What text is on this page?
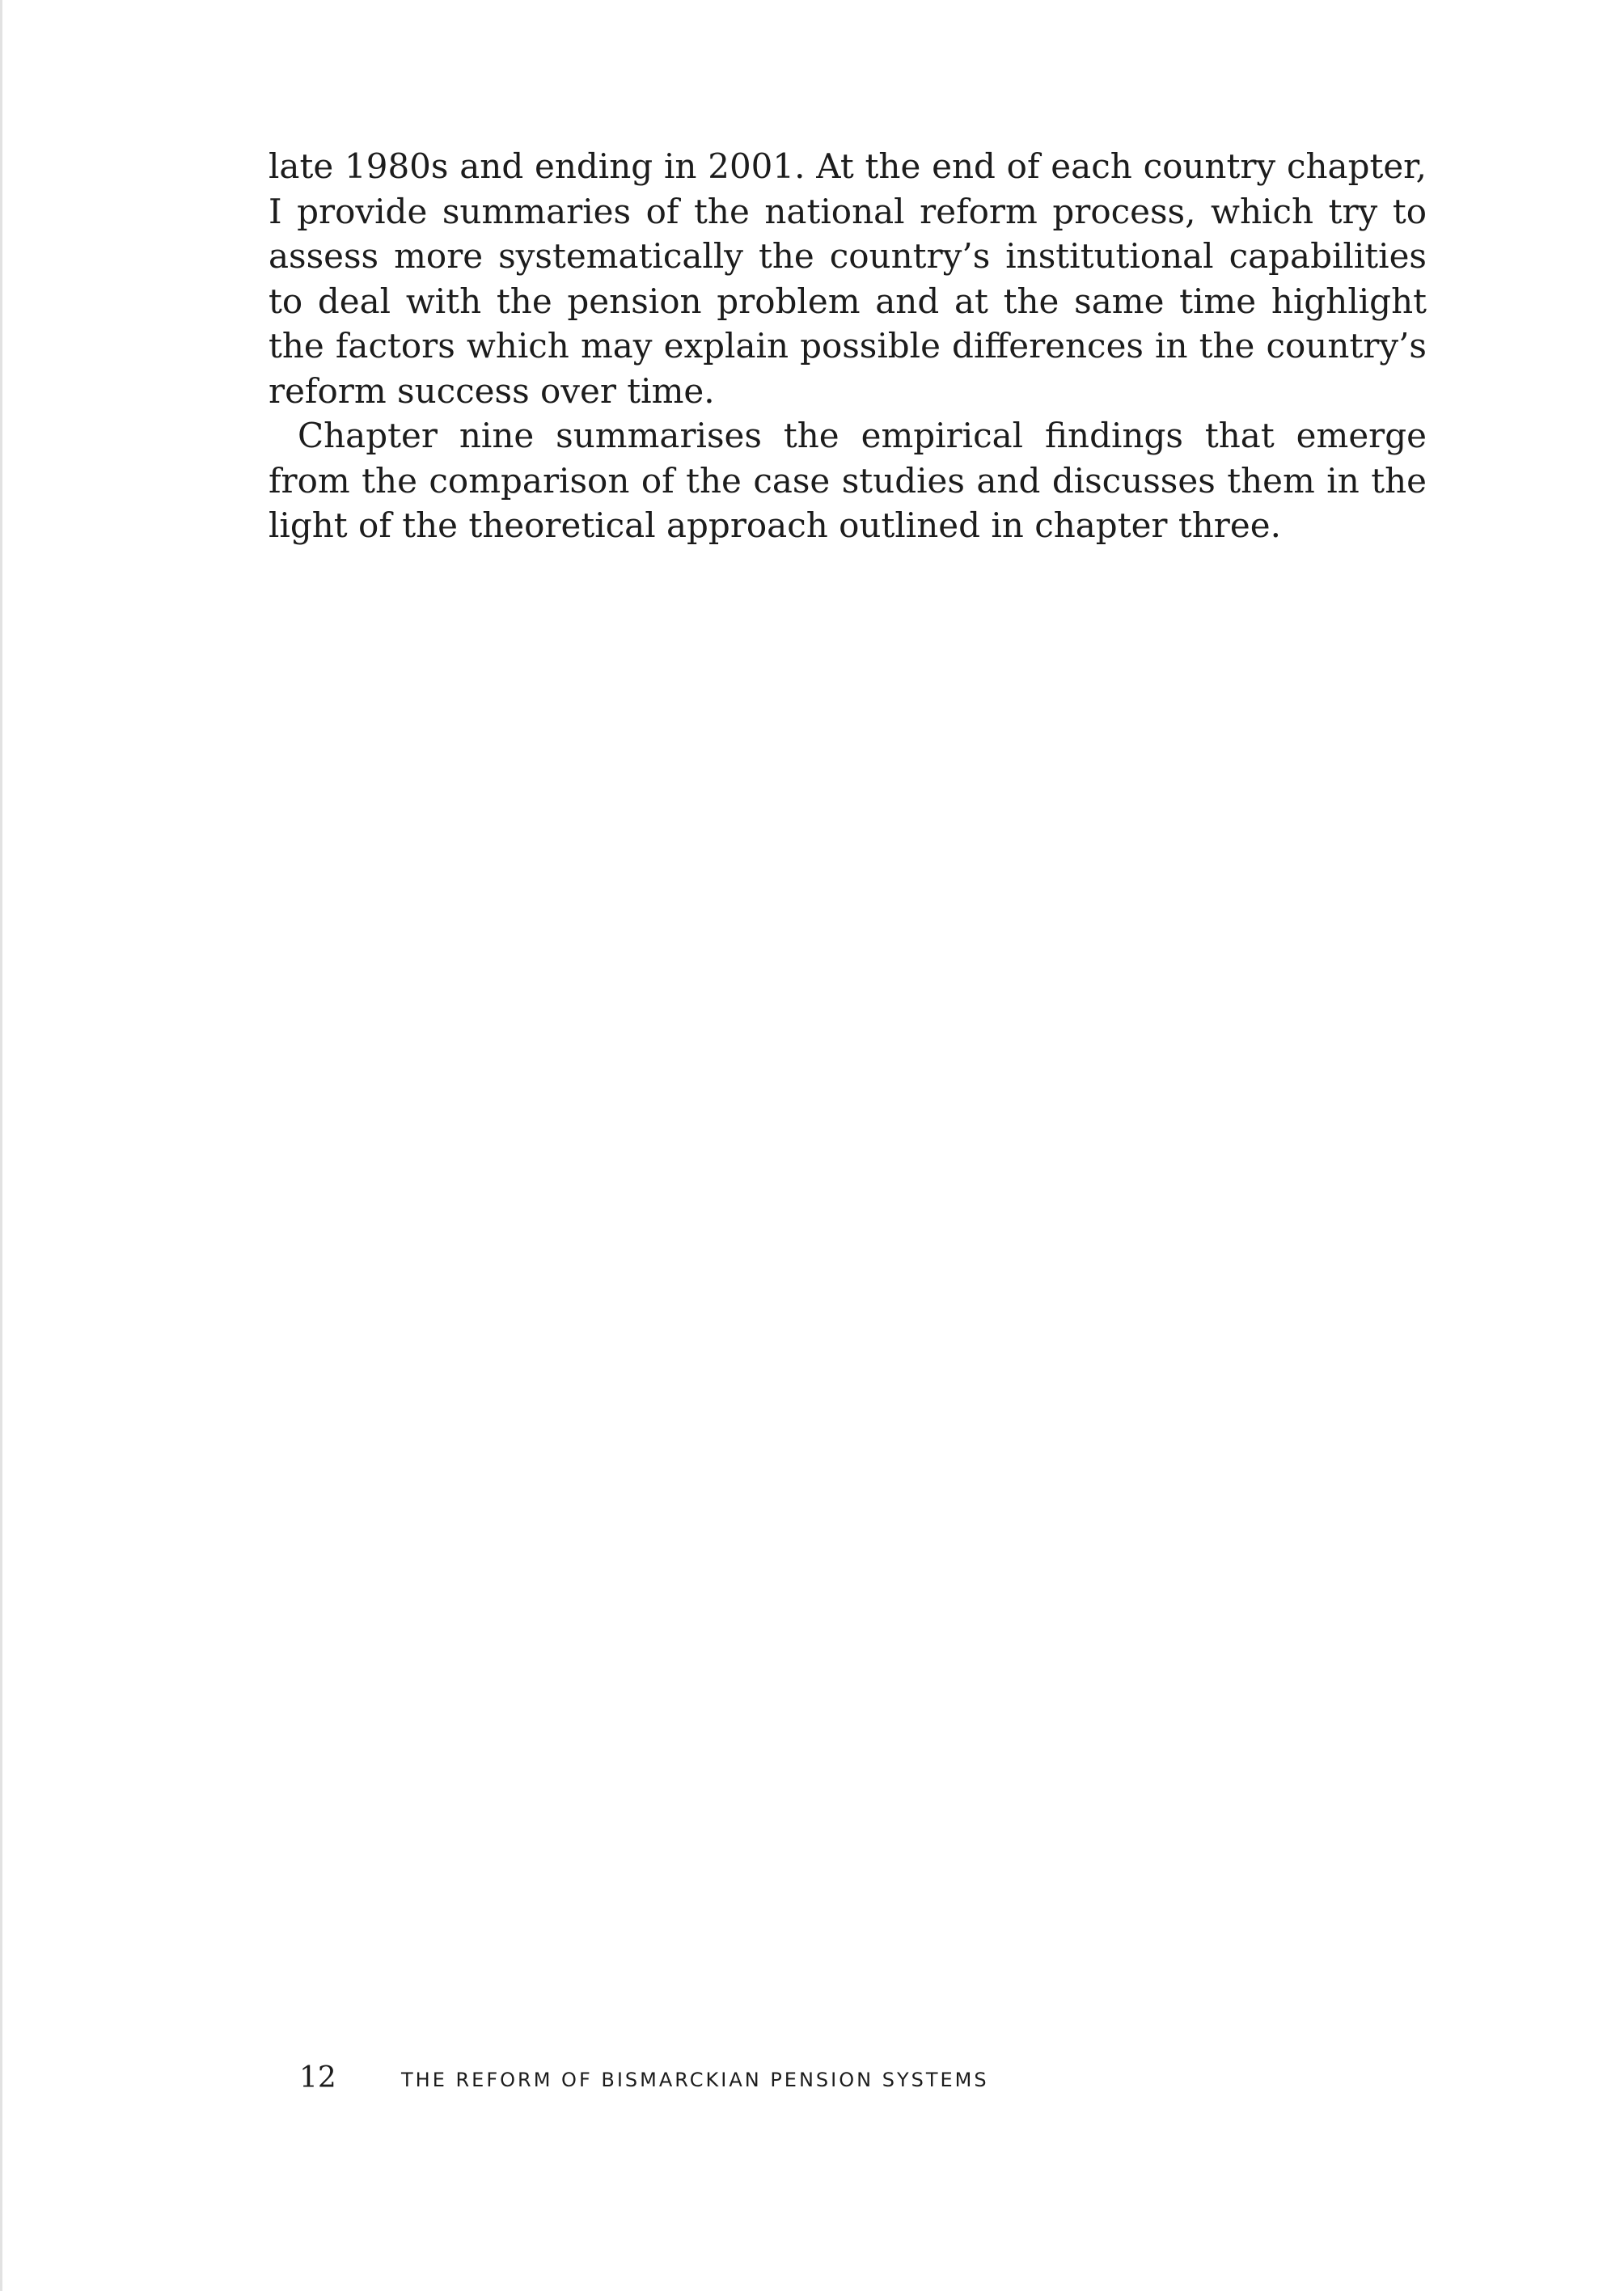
late 1980s and ending in 2001. At the end of each country chapter, I provide summaries of the national reform process, which try to assess more systematically the country’s institutional capabilities to deal with the pension problem and at the same time highlight the factors which may explain possible differences in the country’s reform success over time.

Chapter nine summarises the empirical findings that emerge from the comparison of the case studies and discusses them in the light of the theoretical approach outlined in chapter three.

12	THE REFORM OF BISMARCKIAN PENSION SYSTEMS
